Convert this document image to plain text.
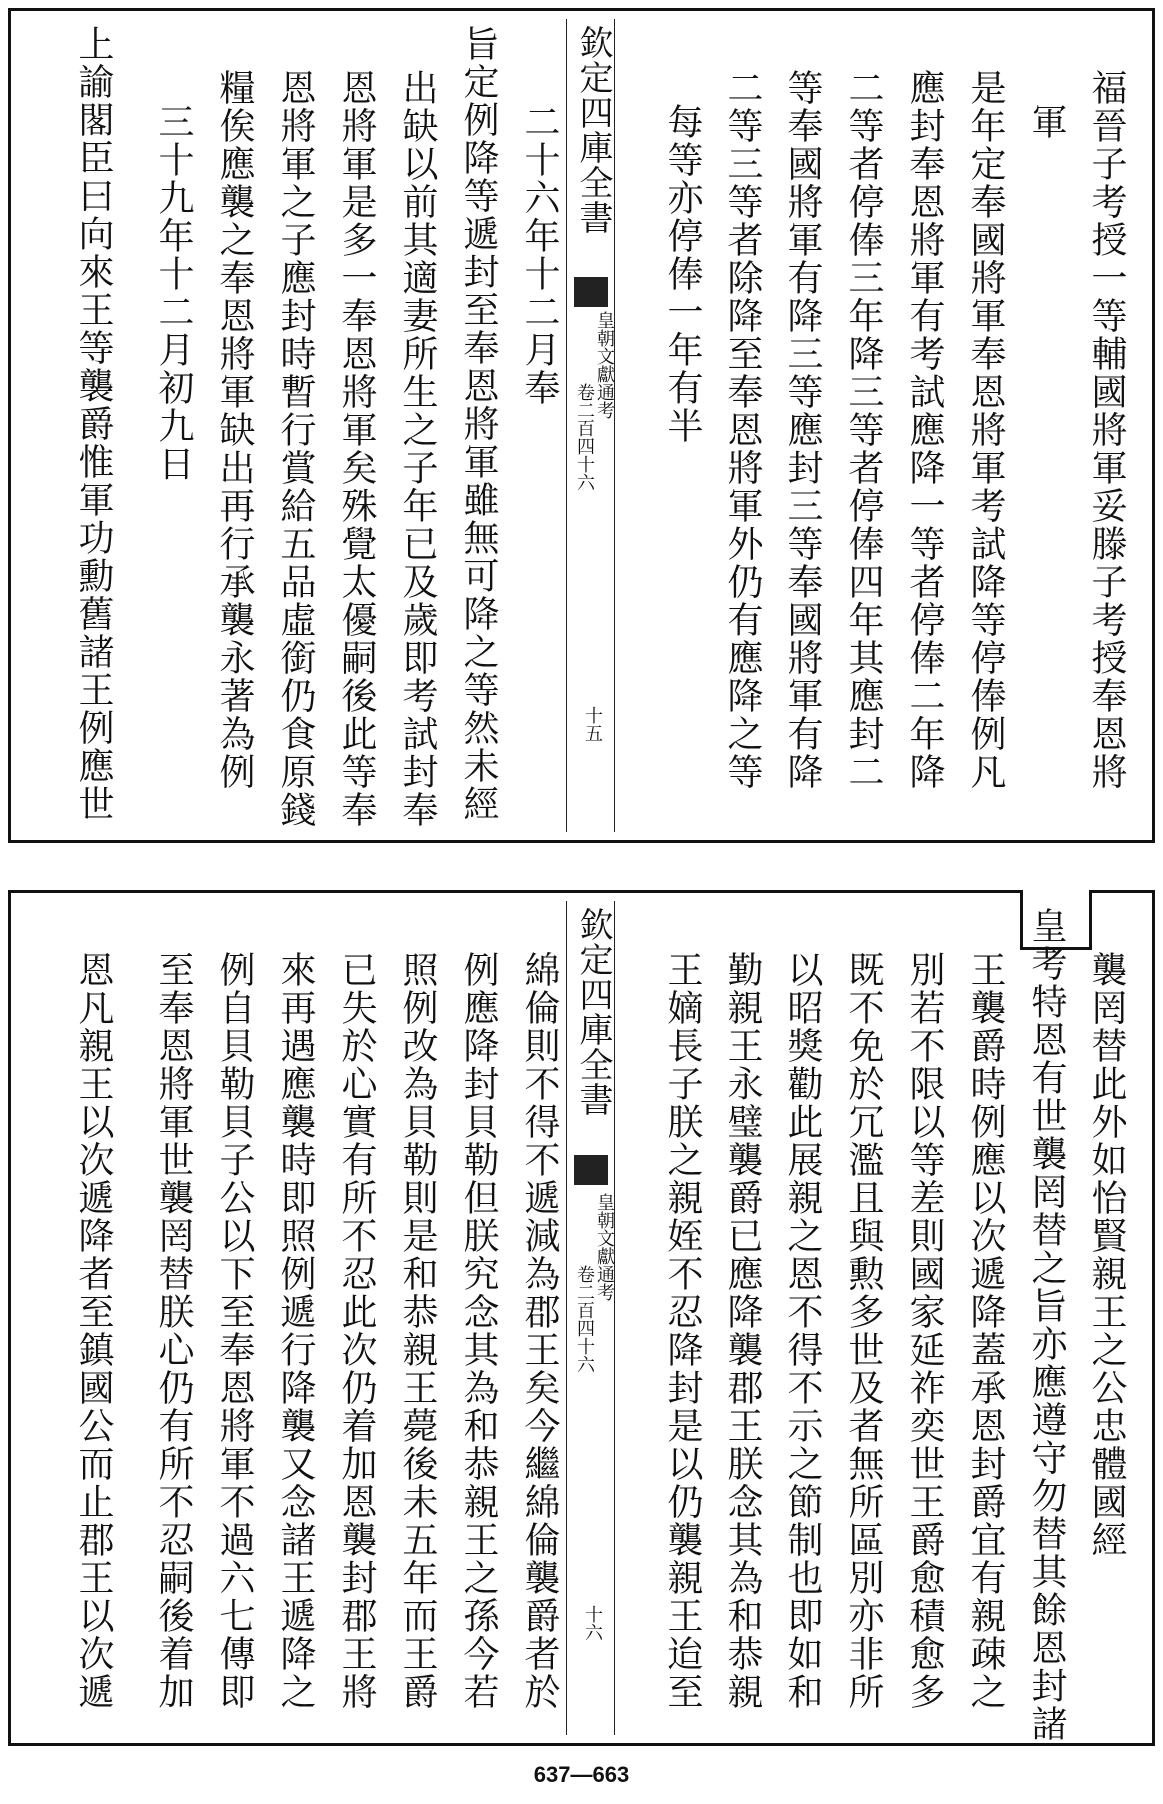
福晉子考授一等輔國將軍妥滕子考授奉恩將
軍
是年定奉國將軍奉恩將軍考試降等停俸例凡
應封奉恩將軍有考試應降一等者停俸二年降
二等者停俸三年降三等者停俸四年其應封二
等奉國將軍有降三等應封三等奉國將軍有降
二等三等者除降至奉恩將軍外仍有應降之等
每等亦停俸一年有半
欽定四庫全書
皇朝文獻通考
卷二百四十六
十五
二十六年十二月奉
旨定例降等遞封至奉恩將軍雖無可降之等然未經
出缺以前其適妻所生之子年已及歲即考試封奉
恩將軍是多一奉恩將軍矣殊覺太優嗣後此等奉
恩將軍之子應封時暫行賞給五品虛銜仍食原錢
糧俟應襲之奉恩將軍缺出再行承襲永著為例
三十九年十二月初九日
上諭閣臣曰向來王等襲爵惟軍功勳舊諸王例應世
襲罔替此外如怡賢親王之公忠體國經
皇考特恩有世襲罔替之旨亦應遵守勿替其餘恩封諸
王襲爵時例應以次遞降蓋承恩封爵宜有親疎之
別若不限以等差則國家延祚奕世王爵愈積愈多
既不免於冗濫且與勲多世及者無所區別亦非所
以昭獎勸此展親之恩不得不示之節制也即如和
勤親王永璧襲爵已應降襲郡王朕念其為和恭親
王嫡長子朕之親姪不忍降封是以仍襲親王迨至
欽定四庫全書
皇朝文獻通考
卷二百四十六
十六
綿倫則不得不遞減為郡王矣今繼綿倫襲爵者於
例應降封貝勒但朕究念其為和恭親王之孫今若
照例改為貝勒則是和恭親王薨後未五年而王爵
已失於心實有所不忍此次仍着加恩襲封郡王將
來再遇應襲時即照例遞行降襲又念諸王遞降之
例自貝勒貝子公以下至奉恩將軍不過六七傳即
至奉恩將軍世襲罔替朕心仍有所不忍嗣後着加
恩凡親王以次遞降者至鎮國公而止郡王以次遞
637—663
